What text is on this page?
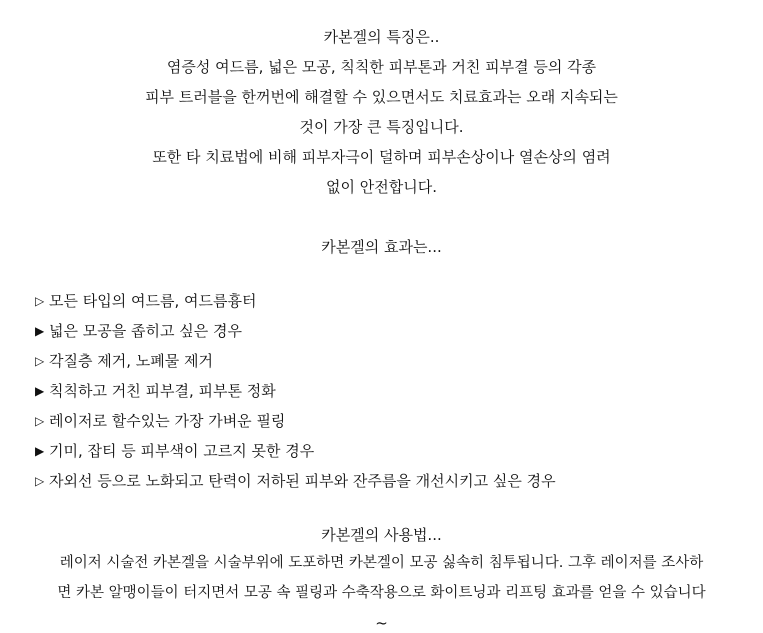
카본겔의 특징은..
염증성 여드름, 넓은 모공, 칙칙한 피부톤과 거친 피부결 등의 각종
피부 트러블을 한꺼번에 해결할 수 있으면서도 치료효과는 오래 지속되는
것이 가장 큰 특징입니다.
또한 타 치료법에 비해 피부자극이 덜하며 피부손상이나 열손상의 염려
없이 안전합니다.
카본겔의 효과는...
▷ 모든 타입의 여드름, 여드름흉터
▶ 넓은 모공을 좁히고 싶은 경우
▷ 각질층 제거, 노폐물 제거
▶ 칙칙하고 거친 피부결, 피부톤 정화
▷ 레이저로 할수있는 가장 가벼운 필링
▶ 기미, 잡티 등 피부색이 고르지 못한 경우
▷ 자외선 등으로 노화되고 탄력이 저하된 피부와 잔주름을 개선시키고 싶은 경우
카본겔의 사용법...
레이저 시술전 카본겔을 시술부위에 도포하면 카본겔이 모공 싫속히 침투됩니다. 그후 레이저를 조사하
면 카본 알맹이들이 터지면서 모공 속 필링과 수축작용으로 화이트닝과 리프팅 효과를 얻을 수 있습니다
~
